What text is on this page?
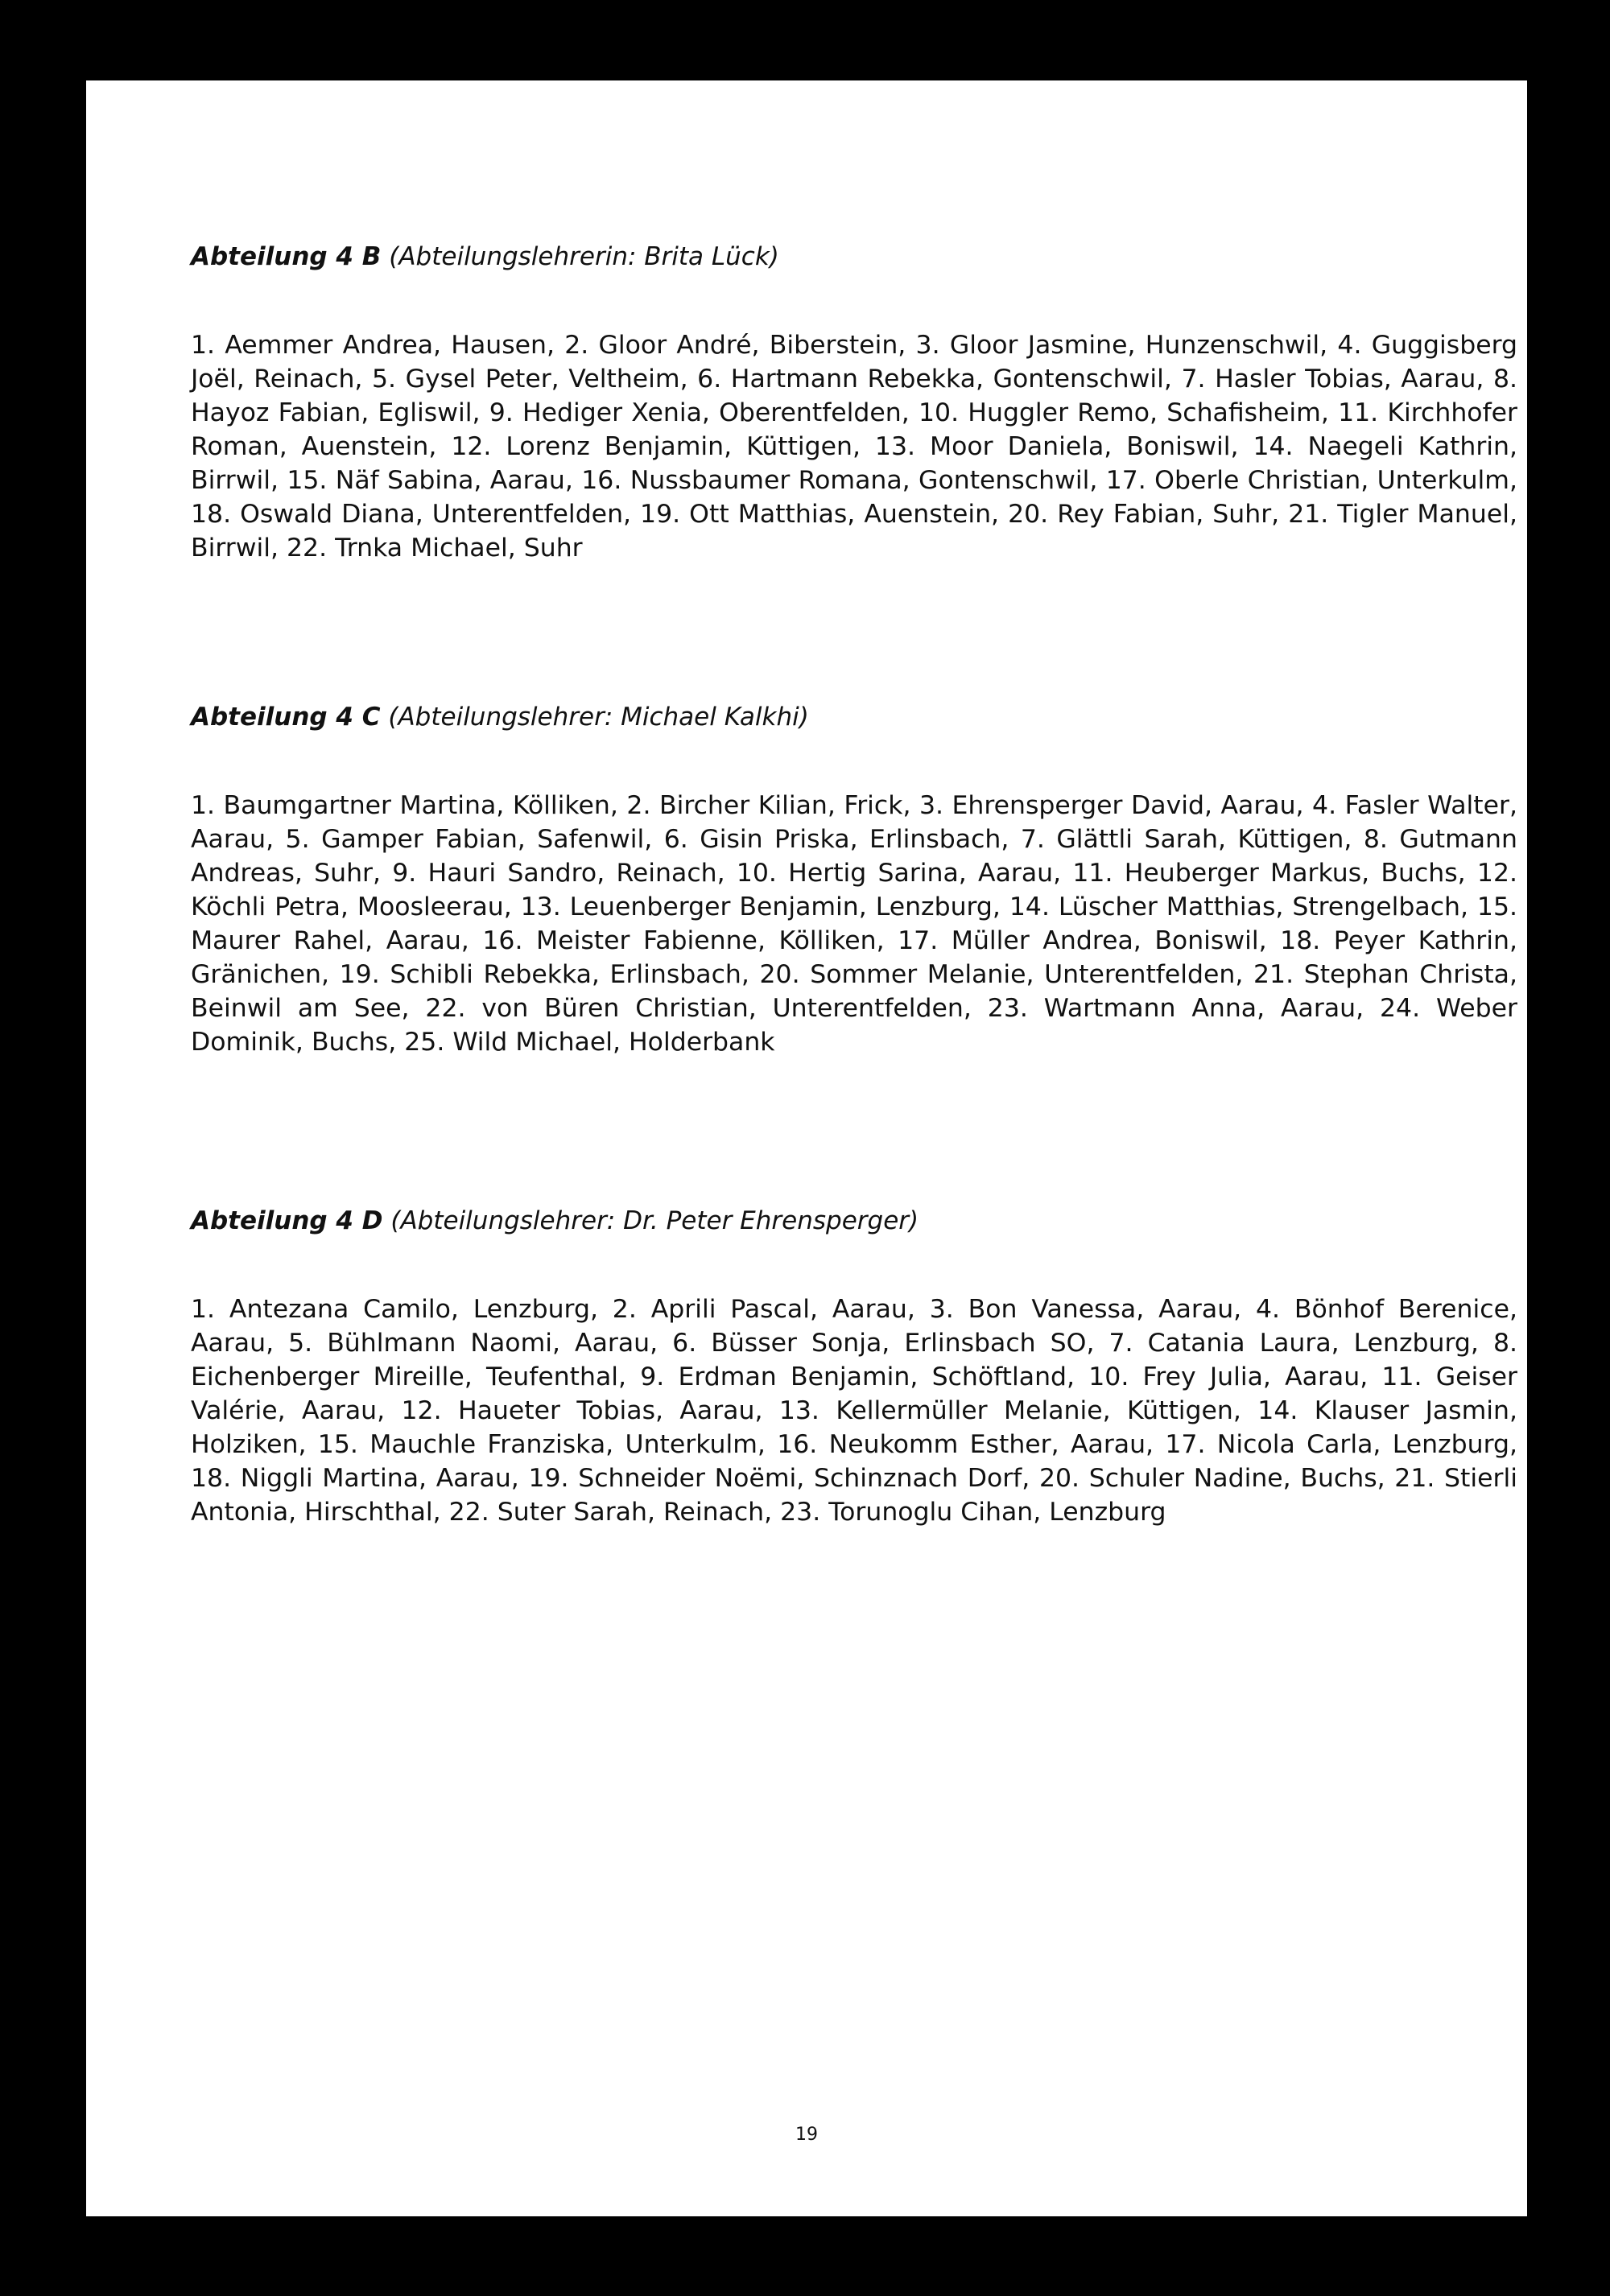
Abteilung 4 B (Abteilungslehrerin: Brita Lück)

1. Aemmer Andrea, Hausen, 2. Gloor André, Biberstein, 3. Gloor Jasmine, Hunzenschwil, 4. Guggisberg Joël, Reinach, 5. Gysel Peter, Veltheim, 6. Hartmann Rebekka, Gontenschwil, 7. Hasler Tobias, Aarau, 8. Hayoz Fabian, Egliswil, 9. Hediger Xenia, Oberentfelden, 10. Huggler Remo, Schafisheim, 11. Kirchhofer Roman, Auenstein, 12. Lorenz Benjamin, Küttigen, 13. Moor Daniela, Boniswil, 14. Naegeli Kathrin, Birrwil, 15. Näf Sabina, Aarau, 16. Nussbaumer Romana, Gontenschwil, 17. Oberle Christian, Unterkulm, 18. Oswald Diana, Unterentfelden, 19. Ott Matthias, Auenstein, 20. Rey Fabian, Suhr, 21. Tigler Manuel, Birrwil, 22. Trnka Michael, Suhr

Abteilung 4 C (Abteilungslehrer: Michael Kalkhi)

1. Baumgartner Martina, Kölliken, 2. Bircher Kilian, Frick, 3. Ehrensperger David, Aarau, 4. Fasler Walter, Aarau, 5. Gamper Fabian, Safenwil, 6. Gisin Priska, Erlinsbach, 7. Glättli Sarah, Küttigen, 8. Gutmann Andreas, Suhr, 9. Hauri Sandro, Reinach, 10. Hertig Sarina, Aarau, 11. Heuberger Markus, Buchs, 12. Köchli Petra, Moosleerau, 13. Leuenberger Benjamin, Lenzburg, 14. Lüscher Matthias, Strengelbach, 15. Maurer Rahel, Aarau, 16. Meister Fabienne, Kölliken, 17. Müller Andrea, Boniswil, 18. Peyer Kathrin, Gränichen, 19. Schibli Rebekka, Erlinsbach, 20. Sommer Melanie, Unterentfelden, 21. Stephan Christa, Beinwil am See, 22. von Büren Christian, Unterentfelden, 23. Wartmann Anna, Aarau, 24. Weber Dominik, Buchs, 25. Wild Michael, Holderbank

Abteilung 4 D (Abteilungslehrer: Dr. Peter Ehrensperger)

1. Antezana Camilo, Lenzburg, 2. Aprili Pascal, Aarau, 3. Bon Vanessa, Aarau, 4. Bönhof Berenice, Aarau, 5. Bühlmann Naomi, Aarau, 6. Büsser Sonja, Erlinsbach SO, 7. Catania Laura, Lenzburg, 8. Eichenberger Mireille, Teufenthal, 9. Erdman Benjamin, Schöftland, 10. Frey Julia, Aarau, 11. Geiser Valérie, Aarau, 12. Haueter Tobias, Aarau, 13. Kellermüller Melanie, Küttigen, 14. Klauser Jasmin, Holziken, 15. Mauchle Franziska, Unterkulm, 16. Neukomm Esther, Aarau, 17. Nicola Carla, Lenzburg, 18. Niggli Martina, Aarau, 19. Schneider Noëmi, Schinznach Dorf, 20. Schuler Nadine, Buchs, 21. Stierli Antonia, Hirschthal, 22. Suter Sarah, Reinach, 23. Torunoglu Cihan, Lenzburg

19
